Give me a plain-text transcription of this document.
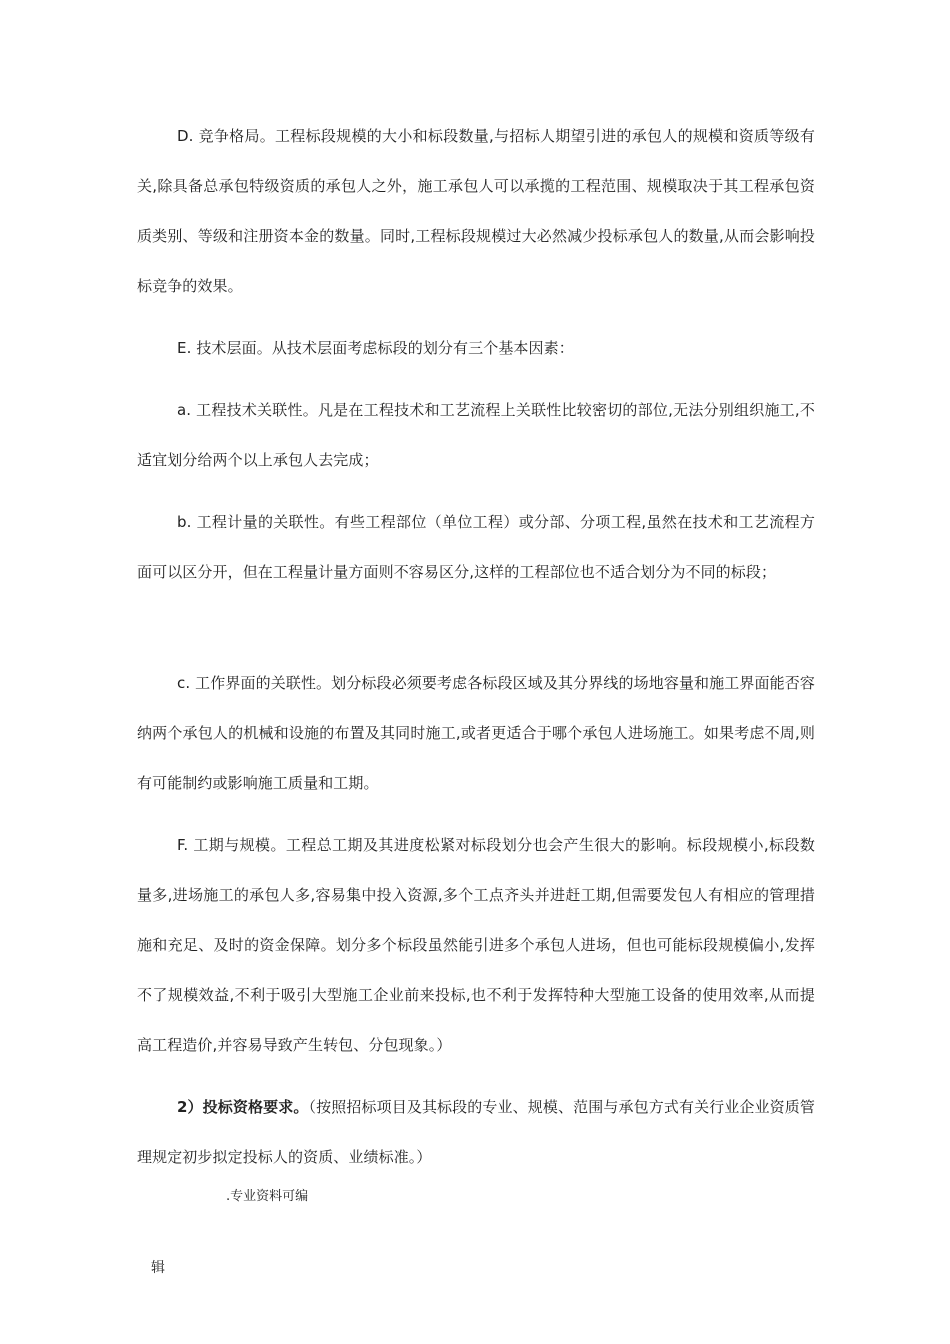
D. 竞争格局。工程标段规模的大小和标段数量,与招标人期望引进的承包人的规模和资质等级有关,除具备总承包特级资质的承包人之外，施工承包人可以承揽的工程范围、规模取决于其工程承包资质类别、等级和注册资本金的数量。同时,工程标段规模过大必然减少投标承包人的数量,从而会影响投标竞争的效果。

E. 技术层面。从技术层面考虑标段的划分有三个基本因素：

a. 工程技术关联性。凡是在工程技术和工艺流程上关联性比较密切的部位,无法分别组织施工,不适宜划分给两个以上承包人去完成；

b. 工程计量的关联性。有些工程部位（单位工程）或分部、分项工程,虽然在技术和工艺流程方面可以区分开，但在工程量计量方面则不容易区分,这样的工程部位也不适合划分为不同的标段；

c. 工作界面的关联性。划分标段必须要考虑各标段区域及其分界线的场地容量和施工界面能否容纳两个承包人的机械和设施的布置及其同时施工,或者更适合于哪个承包人进场施工。如果考虑不周,则有可能制约或影响施工质量和工期。

F. 工期与规模。工程总工期及其进度松紧对标段划分也会产生很大的影响。标段规模小,标段数量多,进场施工的承包人多,容易集中投入资源,多个工点齐头并进赶工期,但需要发包人有相应的管理措施和充足、及时的资金保障。划分多个标段虽然能引进多个承包人进场，但也可能标段规模偏小,发挥不了规模效益,不利于吸引大型施工企业前来投标,也不利于发挥特种大型施工设备的使用效率,从而提高工程造价,并容易导致产生转包、分包现象。）

2）投标资格要求。（按照招标项目及其标段的专业、规模、范围与承包方式有关行业企业资质管理规定初步拟定投标人的资质、业绩标准。）

.专业资料可编
辑
